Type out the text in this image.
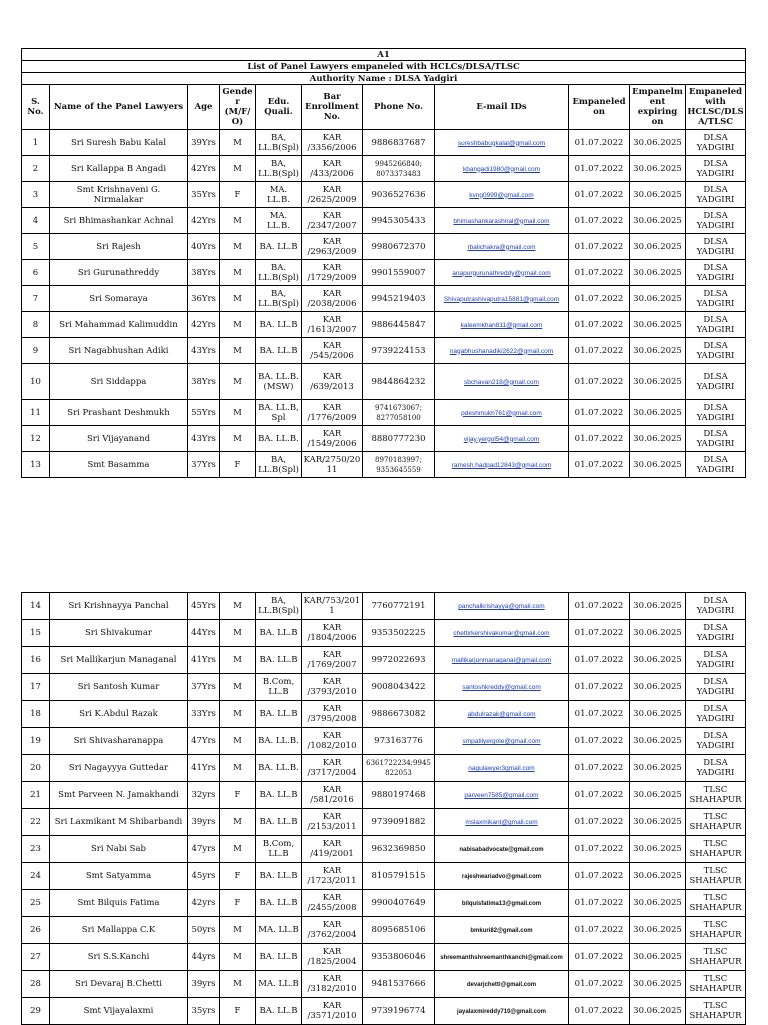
A1										
List of Panel Lawyers empaneled with HCLCs/DLSA/TLSC										
Authority Name : DLSA Yadgiri										
S. No.	Name of the Panel Lawyers	Age	Gender (M/F/O)	Edu. Quali.	Bar Enrollment No.	Phone No.	E-mail IDs	Empaneled on	Empanelment expiring on	Empaneled with HCLSC/DLSA/TLSC
1	Sri Suresh Babu Kalal	39Yrs	M	BA, LL.B(Spl)	KAR /3356/2006	9886837687	sureshbabugkalal@gmail.com	01.07.2022	30.06.2025	DLSA YADGIRI
2	Sri Kallappa B Angadi	42Yrs	M	BA, LL.B(Spl)	KAR /433/2006	9945266840; 8073373483	kbangadi1980@gmail.com	01.07.2022	30.06.2025	DLSA YADGIRI
3	Smt Krishnaveni G. Nirmalakar	35Yrs	F	MA. LL.B.	KAR /2625/2009	9036527636	kvng0999@gmail.com	01.07.2022	30.06.2025	DLSA YADGIRI
4	Sri Bhimashankar Achnal	42Yrs	M	MA. LL.B.	KAR /2347/2007	9945305433	bhimashankarashnal@gmail.com	01.07.2022	30.06.2025	DLSA YADGIRI
5	Sri Rajesh	40Yrs	M	BA. LL.B	KAR /2963/2009	9980672370	rbalichakra@gmail.com	01.07.2022	30.06.2025	DLSA YADGIRI
6	Sri Gurunathreddy	38Yrs	M	BA. LL.B(Spl)	KAR /1729/2009	9901559007	anapurgurunathreddy@gmail.com	01.07.2022	30.06.2025	DLSA YADGIRI
7	Sri Somaraya	36Yrs	M	BA, LL.B(Spl)	KAR /2038/2006	9945219403	Shivaputrashivaputra15881@gmail.com	01.07.2022	30.06.2025	DLSA YADGIRI
8	Sri Mahammad Kalimuddin	42Yrs	M	BA. LL.B	KAR /1613/2007	9886445847	kaleemkhan811@gmail.com	01.07.2022	30.06.2025	DLSA YADGIRI
9	Sri Nagabhushan Adiki	43Yrs	M	BA. LL.B	KAR /545/2006	9739224153	nagabhushanadiki2622@gmail.com	01.07.2022	30.06.2025	DLSA YADGIRI
10	Sri Siddappa	38Yrs	M	BA. LL.B. (MSW)	KAR /639/2013	9844864232	sbchavan218@gmail.com	01.07.2022	30.06.2025	DLSA YADGIRI
11	Sri Prashant Deshmukh	55Yrs	M	BA. LL.B, Spl	KAR /1776/2009	9741673067; 8277058100	pdeshmukh761@gmail.com	01.07.2022	30.06.2025	DLSA YADGIRI
12	Sri Vijayanand	43Yrs	M	BA. LL.B.	KAR /1549/2006	8880777230	vijay.yergol54@gmail.com	01.07.2022	30.06.2025	DLSA YADGIRI
13	Smt Basamma	37Yrs	F	BA, LL.B(Spl)	KAR/2750/2011	8970183997; 9353645559	ramesh.hadpad12843@gmail.com	01.07.2022	30.06.2025	DLSA YADGIRI
14	Sri Krishnayya Panchal	45Yrs	M	BA, LL.B(Spl)	KAR/753/2011	7760772191	panchalkrishayya@gmail.com	01.07.2022	30.06.2025	DLSA YADGIRI
15	Sri Shivakumar	44Yrs	M	BA. LL.B	KAR /1804/2006	9353502225	chettirkershivakumar@gmail.com	01.07.2022	30.06.2025	DLSA YADGIRI
16	Sri Mallikarjun Managanal	41Yrs	M	BA. LL.B	KAR /1769/2007	9972022693	mallikarjunmanaganal@gmail.com	01.07.2022	30.06.2025	DLSA YADGIRI
17	Sri Santosh Kumar	37Yrs	M	B.Com, LL.B	KAR /3793/2010	9008043422	santoshkreddy@gmail.com	01.07.2022	30.06.2025	DLSA YADGIRI
18	Sri K.Abdul Razak	33Yrs	M	BA. LL.B	KAR /3795/2008	9886673082	abdulrazak@gmail.com	01.07.2022	30.06.2025	DLSA YADGIRI
19	Sri Shivasharanappa	47Yrs	M	BA. LL.B.	KAR /1082/2010	973163776	smpatilyergole@gmail.com	01.07.2022	30.06.2025	DLSA YADGIRI
20	Sri Nagayyya Guttedar	41Yrs	M	BA. LL.B.	KAR /3717/2004	6361722234;9945822053	nagulawyer3gmail.com	01.07.2022	30.06.2025	DLSA YADGIRI
21	Smt Parveen N. Jamakhandi	32yrs	F	BA. LL.B	KAR /581/2016	9880197468	parveen7585@gmail.com	01.07.2022	30.06.2025	TLSC SHAHAPUR
22	Sri Laxmikant M Shibarbandi	39yrs	M	BA. LL.B	KAR /2153/2011	9739091882	mslaxmikant@gmail.com	01.07.2022	30.06.2025	TLSC SHAHAPUR
23	Sri Nabi Sab	47yrs	M	B.Com, LL.B	KAR /419/2001	9632369850	nabisabadvocate@gmail.com	01.07.2022	30.06.2025	TLSC SHAHAPUR
24	Smt Satyamma	45yrs	F	BA. LL.B	KAR /1723/2011	8105791515	rajeshwariadvo@gmail.com	01.07.2022	30.06.2025	TLSC SHAHAPUR
25	Smt Bilquis Fatima	42yrs	F	BA. LL.B	KAR /2455/2008	9900407649	bilquisfatima13@gmail.com	01.07.2022	30.06.2025	TLSC SHAHAPUR
26	Sri Mallappa C.K	50yrs	M	MA. LL.B	KAR /3762/2004	8095685106	bmkuri82@gmail.com	01.07.2022	30.06.2025	TLSC SHAHAPUR
27	Sri S.S.Kanchi	44yrs	M	BA. LL.B	KAR /1825/2004	9353806046	shreemanthshreemanthkanchi@gmail.com	01.07.2022	30.06.2025	TLSC SHAHAPUR
28	Sri Devaraj B.Chetti	39yrs	M	MA. LL.B	KAR /3182/2010	9481537666	devarjchetti@gmail.com	01.07.2022	30.06.2025	TLSC SHAHAPUR
29	Smt Vijayalaxmi	35yrs	F	BA. LL.B	KAR /3571/2010	9739196774	jayalaxmireddy710@gmail.com	01.07.2022	30.06.2025	TLSC SHAHAPUR
